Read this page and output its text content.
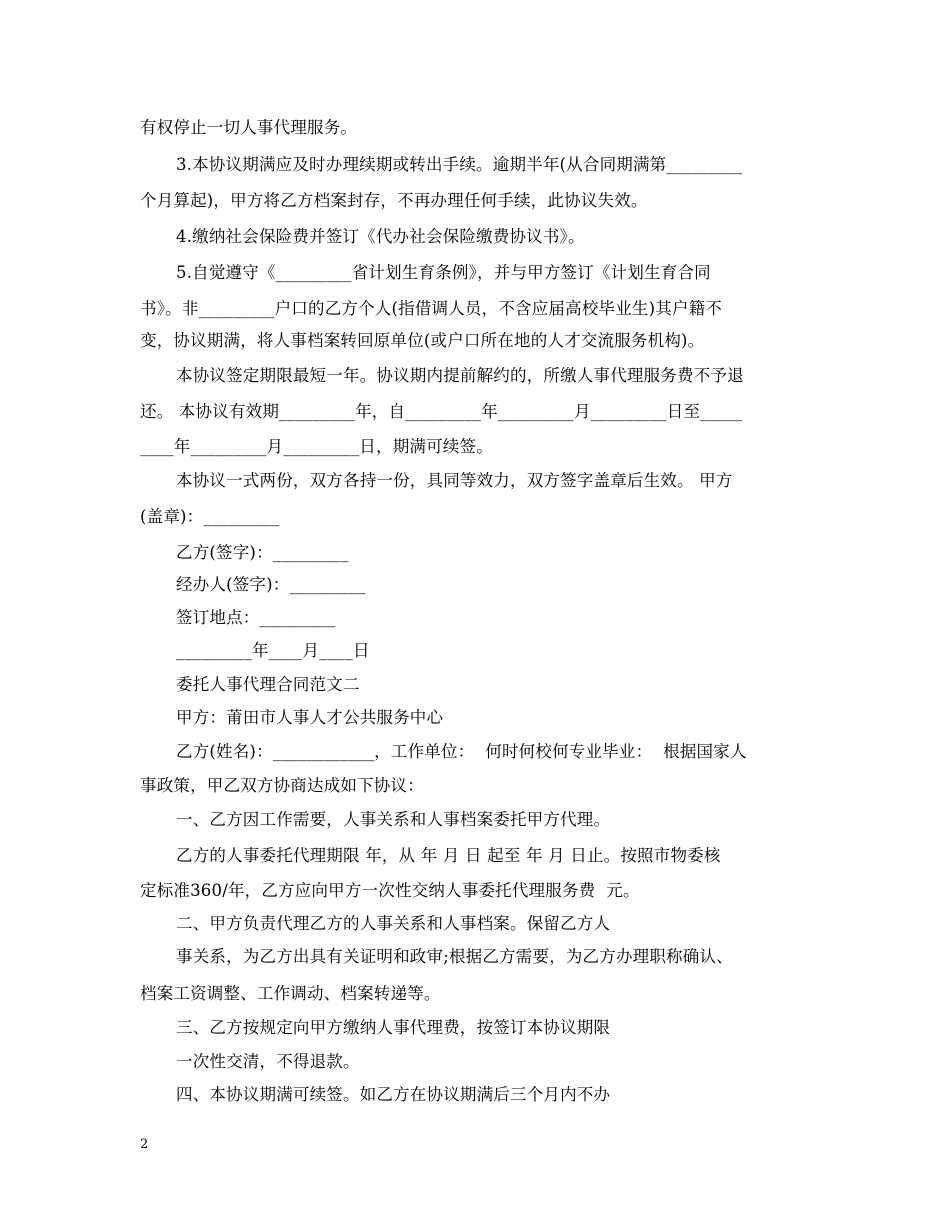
有权停止一切人事代理服务。
3.本协议期满应及时办理续期或转出手续。逾期半年(从合同期满第_________
个月算起)，甲方将乙方档案封存，不再办理任何手续，此协议失效。
4.缴纳社会保险费并签订《代办社会保险缴费协议书》。
5.自觉遵守《_________省计划生育条例》，并与甲方签订《计划生育合同
书》。非_________户口的乙方个人(指借调人员，不含应届高校毕业生)其户籍不
变，协议期满，将人事档案转回原单位(或户口所在地的人才交流服务机构)。
本协议签定期限最短一年。协议期内提前解约的，所缴人事代理服务费不予退
还。 本协议有效期_________年，自_________年_________月_________日至_____
____年_________月_________日，期满可续签。
本协议一式两份，双方各持一份，具同等效力，双方签字盖章后生效。 甲方
(盖章)：_________
乙方(签字)：_________
经办人(签字)：_________
签订地点：_________
_________年____月____日
委托人事代理合同范文二
甲方：莆田市人事人才公共服务中心
乙方(姓名)：____________，工作单位：  何时何校何专业毕业：  根据国家人
事政策，甲乙双方协商达成如下协议：
一、乙方因工作需要，人事关系和人事档案委托甲方代理。
乙方的人事委托代理期限 年，从 年 月 日 起至 年 月 日止。按照市物委核
定标准360/年，乙方应向甲方一次性交纳人事委托代理服务费  元。
二、甲方负责代理乙方的人事关系和人事档案。保留乙方人
事关系，为乙方出具有关证明和政审;根据乙方需要，为乙方办理职称确认、
档案工资调整、工作调动、档案转递等。
三、乙方按规定向甲方缴纳人事代理费，按签订本协议期限
一次性交清，不得退款。
四、本协议期满可续签。如乙方在协议期满后三个月内不办
2
